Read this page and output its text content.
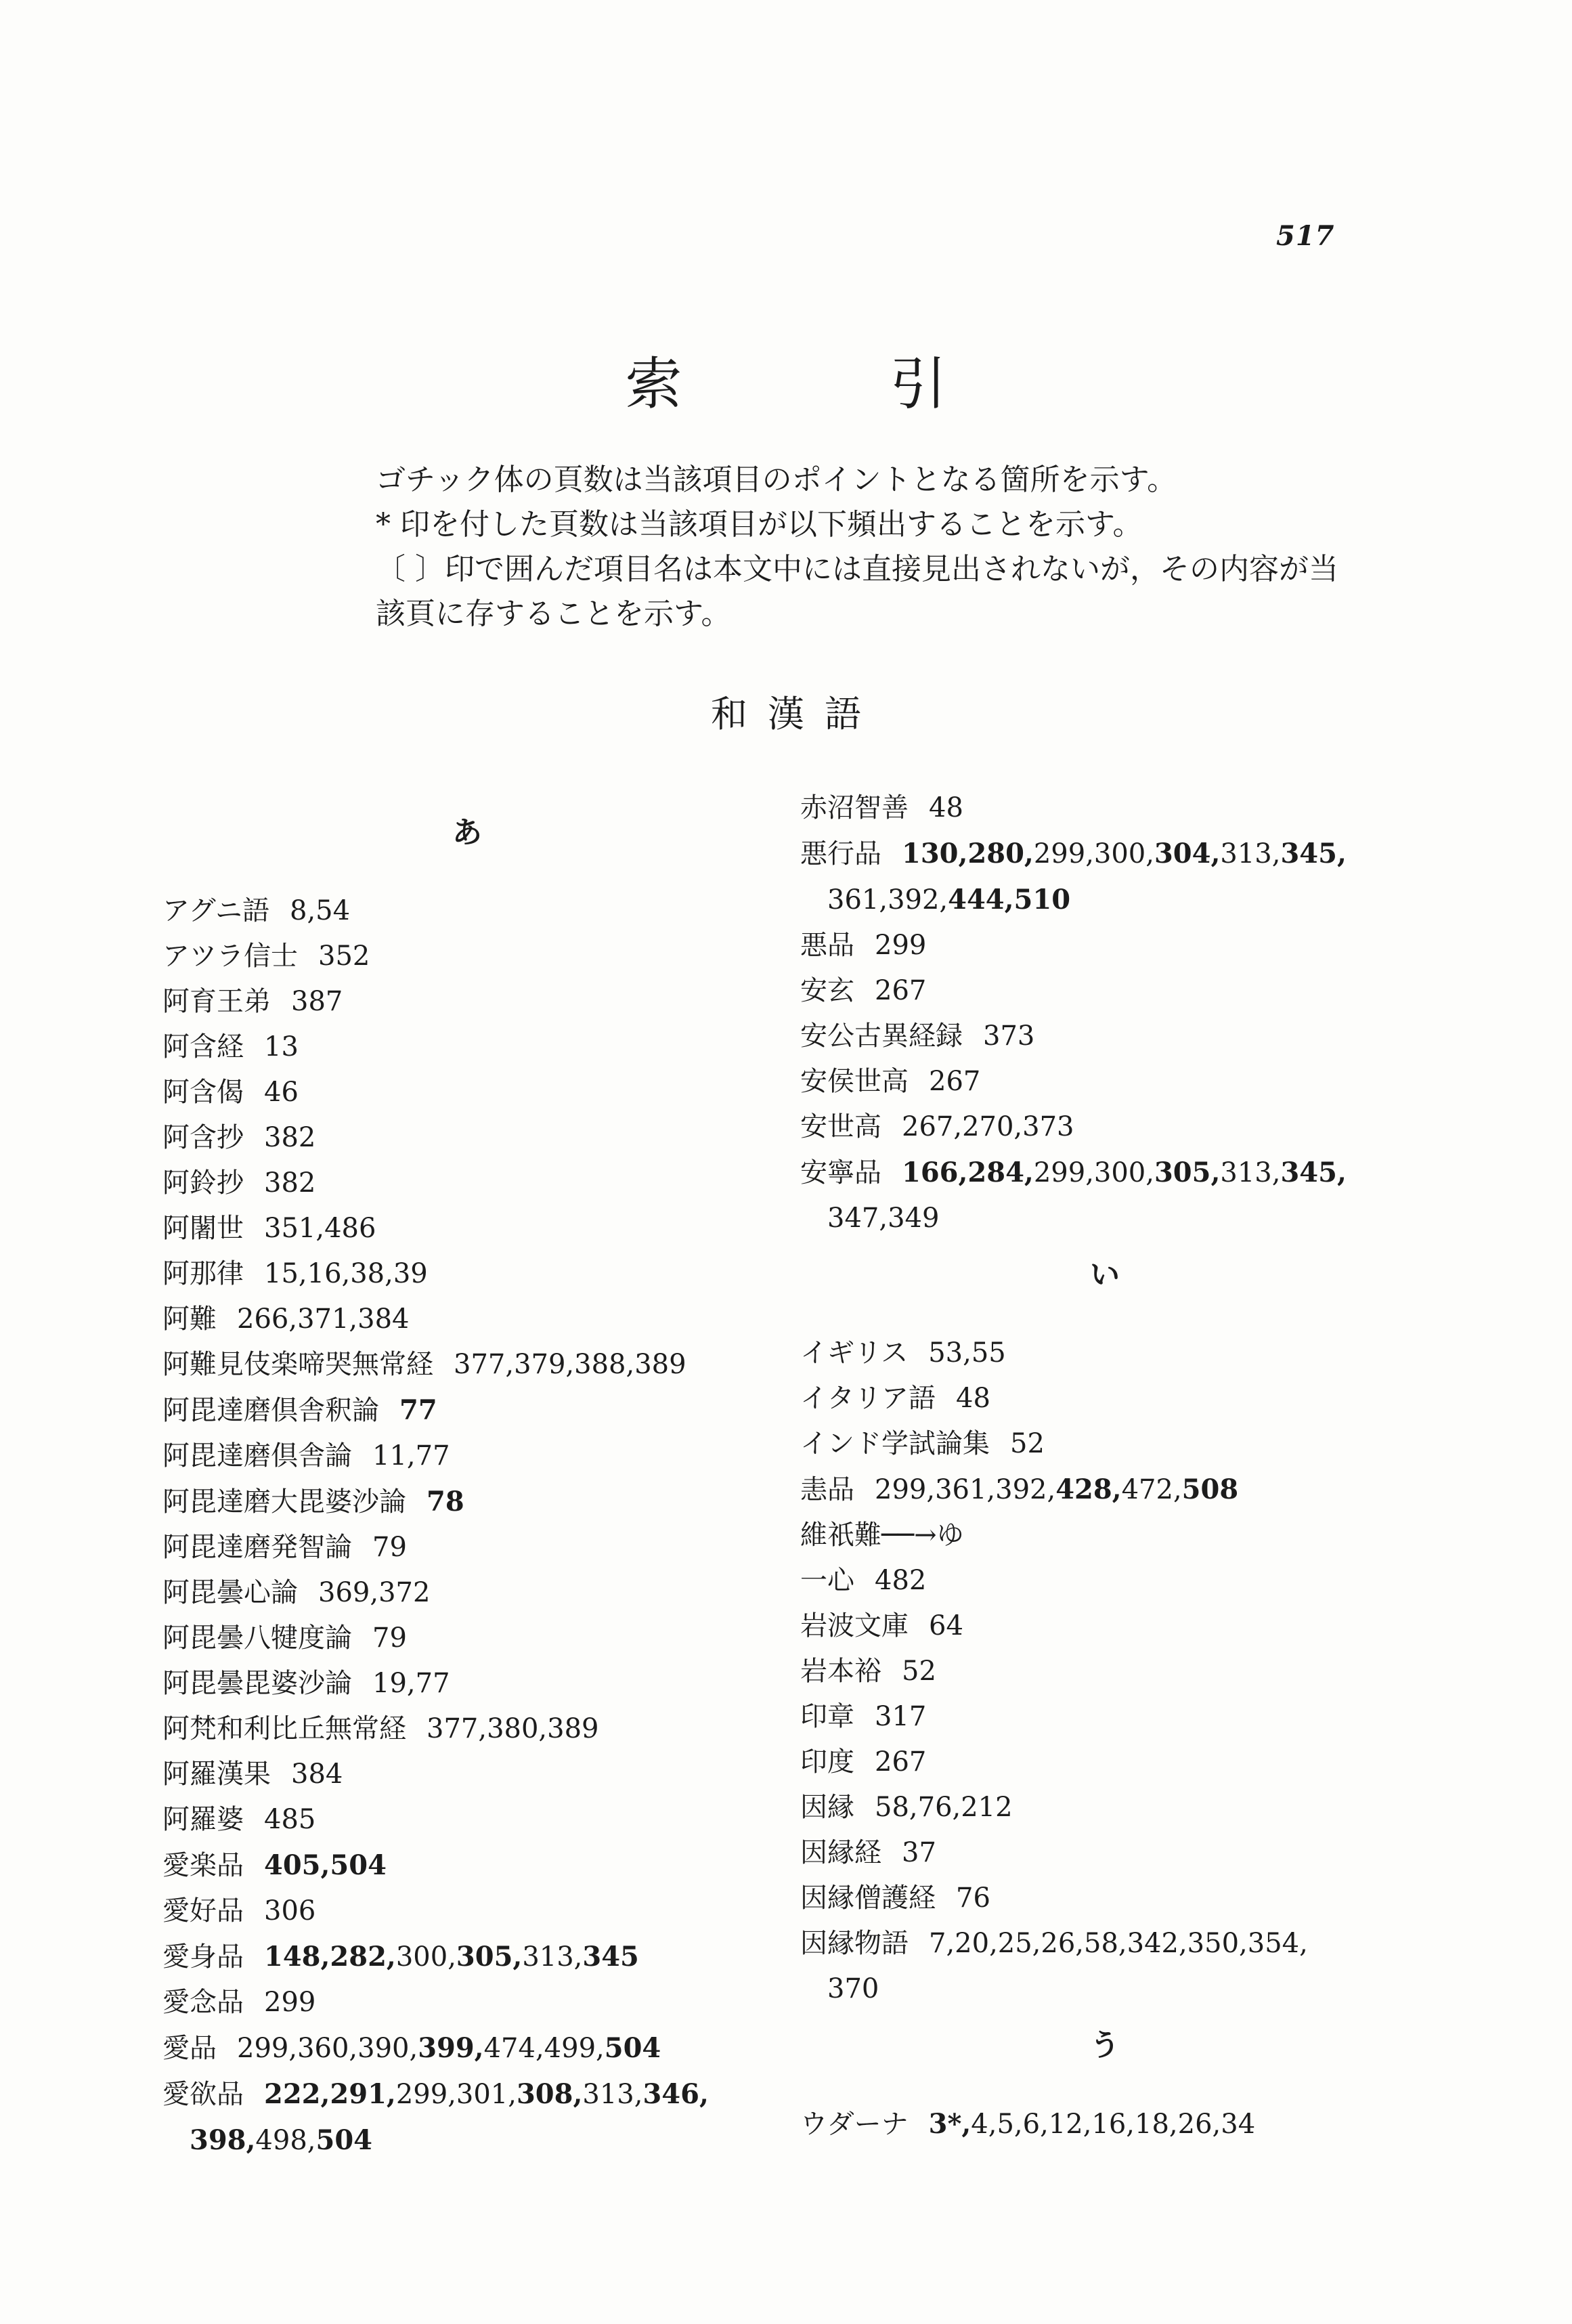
517
索 引

ゴチック体の頁数は当該項目のポイントとなる箇所を示す。

* 印を付した頁数は当該項目が以下頻出することを示す。

〔 〕印で囲んだ項目名は本文中には直接見出されないが，その内容が当

該頁に存することを示す。

和漢語
あ
アグニ語 8,54
アツラ信士 352
阿育王弟 387
阿含経 13
阿含偈 46
阿含抄 382
阿鈴抄 382
阿闍世 351,486
阿那律 15,16,38,39
阿難 266,371,384
阿難見伎楽啼哭無常経 377,379,388,389
阿毘達磨倶舎釈論 77
阿毘達磨倶舎論 11,77
阿毘達磨大毘婆沙論 78
阿毘達磨発智論 79
阿毘曇心論 369,372
阿毘曇八犍度論 79
阿毘曇毘婆沙論 19,77
阿梵和利比丘無常経 377,380,389
阿羅漢果 384
阿羅婆 485
愛楽品 405,504
愛好品 306
愛身品 148,282,300,305,313,345
愛念品 299
愛品 299,360,390,399,474,499,504
愛欲品 222,291,299,301,308,313,346,
398,498,504
赤沼智善 48
悪行品 130,280,299,300,304,313,345,
361,392,444,510
悪品 299
安玄 267
安公古異経録 373
安侯世高 267
安世高 267,270,373
安寧品 166,284,299,300,305,313,345,
347,349
い
イギリス 53,55
イタリア語 48
インド学試論集 52
恚品 299,361,392,428,472,508
維祇難──→ゆ
一心 482
岩波文庫 64
岩本裕 52
印章 317
印度 267
因縁 58,76,212
因縁経 37
因縁僧護経 76
因縁物語 7,20,25,26,58,342,350,354,
370
う
ウダーナ 3*,4,5,6,12,16,18,26,34
